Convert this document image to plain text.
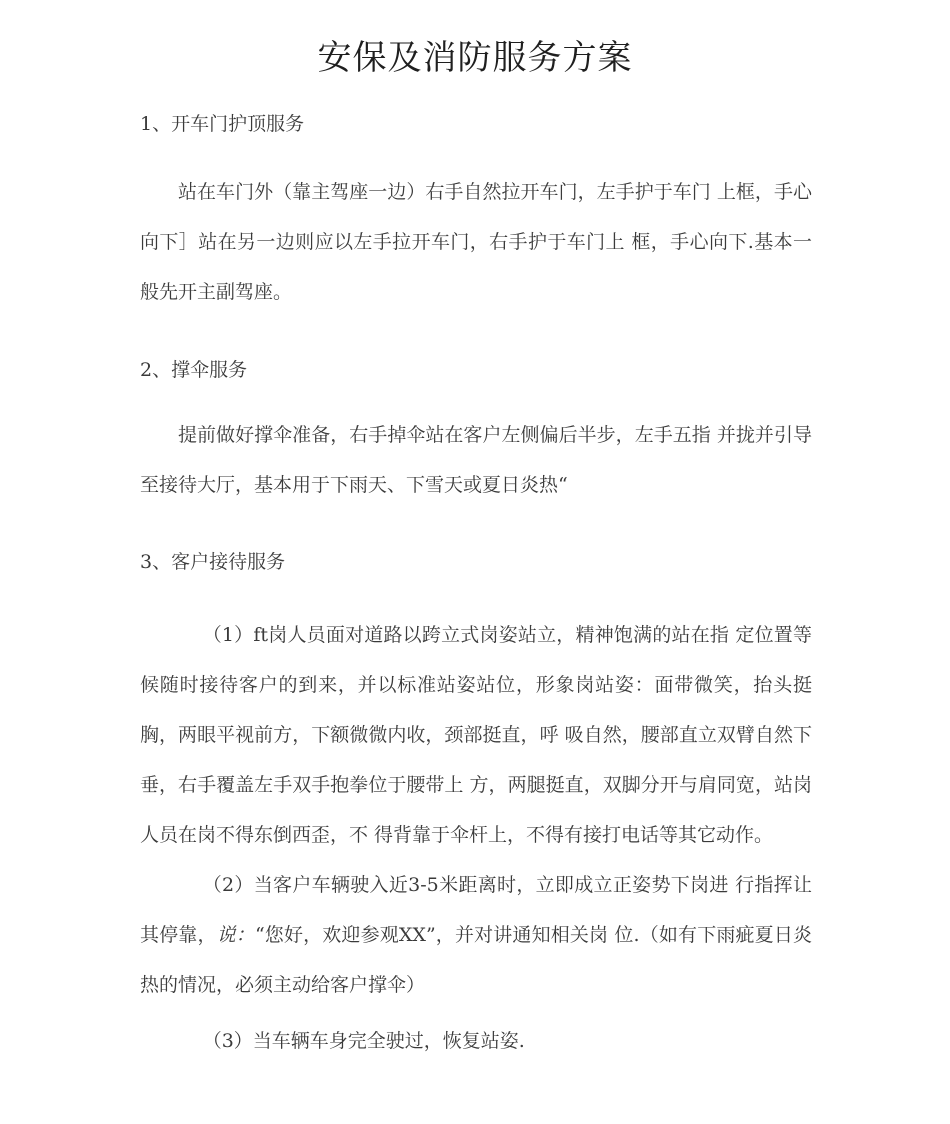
安保及消防服务方案
1、开车门护顶服务

站在车门外（靠主驾座一边）右手自然拉开车门，左手护于车门 上框，手心向下］站在另一边则应以左手拉开车门，右手护于车门上 框，手心向下.基本一般先开主副驾座。

2、撑伞服务

提前做好撑伞准备，右手掉伞站在客户左侧偏后半步，左手五指 并拢并引导至接待大厅，基本用于下雨天、下雪天或夏日炎热“

3、客户接待服务

（1）ft岗人员面对道路以跨立式岗姿站立，精神饱满的站在指 定位置等候随时接待客户的到来，并以标准站姿站位，形象岗站姿：面带微笑，抬头挺胸，两眼平视前方，下额微微内收，颈部挺直，呼 吸自然，腰部直立双臂自然下垂，右手覆盖左手双手抱拳位于腰带上 方，两腿挺直，双脚分开与肩同宽，站岗人员在岗不得东倒西歪，不 得背靠于伞杆上，不得有接打电话等其它动作。

（2）当客户车辆驶入近3-5米距离时，立即成立正姿势下岗进 行指挥让其停靠，说：“您好，欢迎参观XX”，并对讲通知相关岗 位.（如有下雨疵夏日炎热的情况，必须主动给客户撑伞）

（3）当车辆车身完全驶过，恢复站姿.
